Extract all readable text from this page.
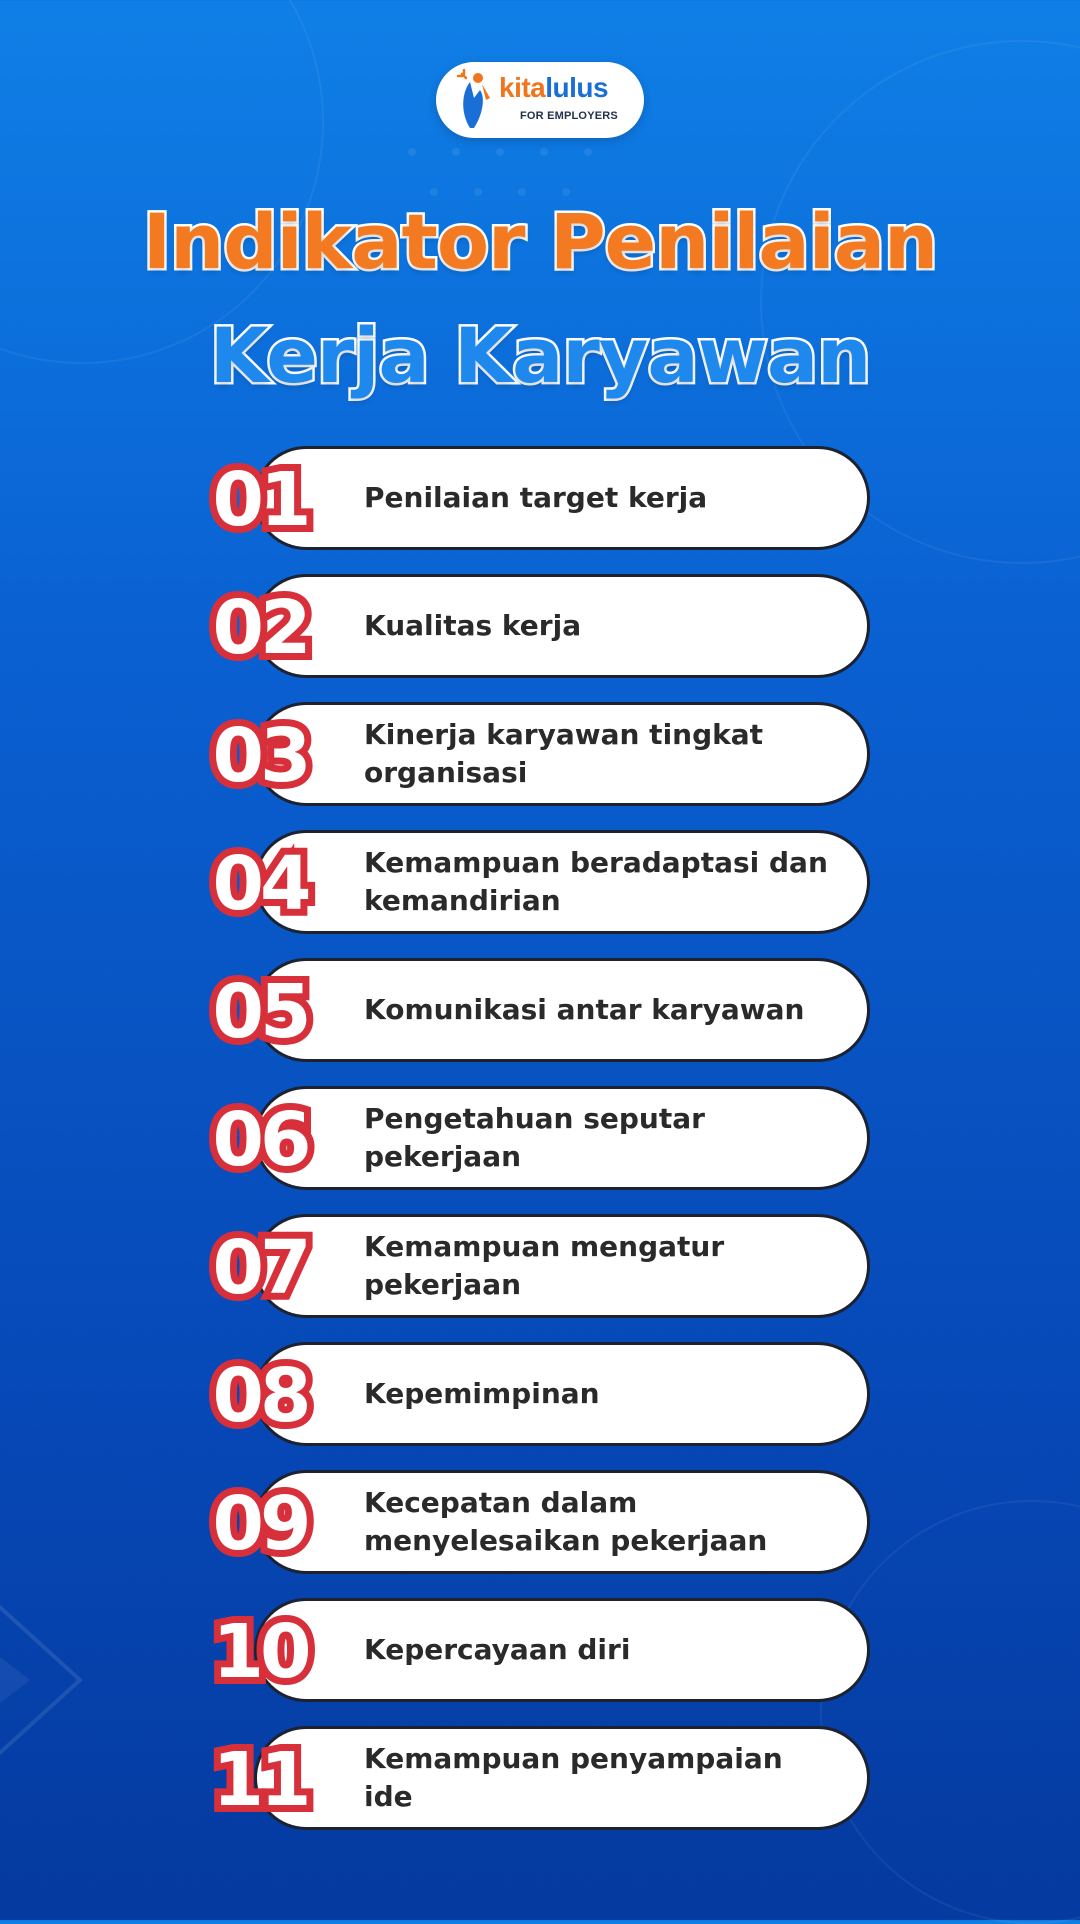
kitalulus
FOR EMPLOYERS
Indikator Penilaian
Kerja Karyawan
01	Penilaian target kerja
02	Kualitas kerja
03	Kinerja karyawan tingkat organisasi
04	Kemampuan beradaptasi dan kemandirian
05	Komunikasi antar karyawan
06	Pengetahuan seputar pekerjaan
07	Kemampuan mengatur pekerjaan
08	Kepemimpinan
09	Kecepatan dalam menyelesaikan pekerjaan
10	Kepercayaan diri
11	Kemampuan penyampaian ide
